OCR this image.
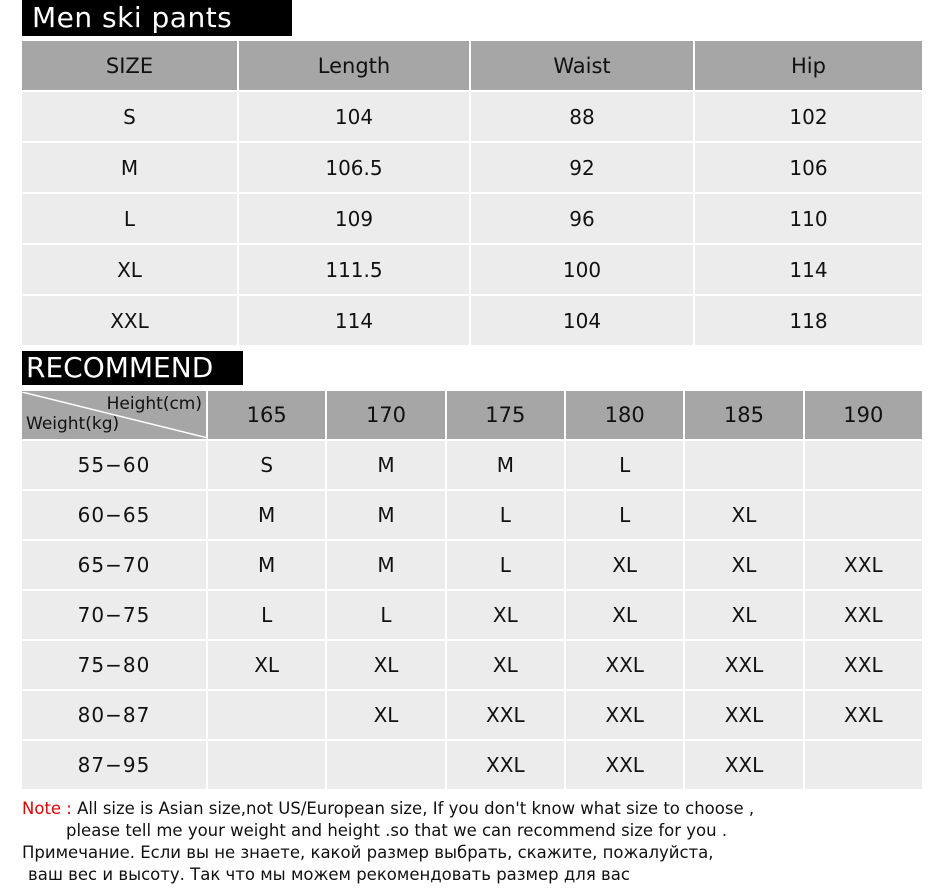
Men ski pants
SIZE	Length	Waist	Hip
S	104	88	102
M	106.5	92	106
L	109	96	110
XL	111.5	100	114
XXL	114	104	118
RECOMMEND
Height(cm)
Weight(kg)	165	170	175	180	185	190
55−60	S	M	M	L		
60−65	M	M	L	L	XL	
65−70	M	M	L	XL	XL	XXL
70−75	L	L	XL	XL	XL	XXL
75−80	XL	XL	XL	XXL	XXL	XXL
80−87		XL	XXL	XXL	XXL	XXL
87−95			XXL	XXL	XXL	
Note : All size is Asian size,not US/European size, If you don't know what size to choose ,
please tell me your weight and height .so that we can recommend size for you .
Примечание. Если вы не знаете, какой размер выбрать, скажите, пожалуйста,
ваш вес и высоту. Так что мы можем рекомендовать размер для вас
